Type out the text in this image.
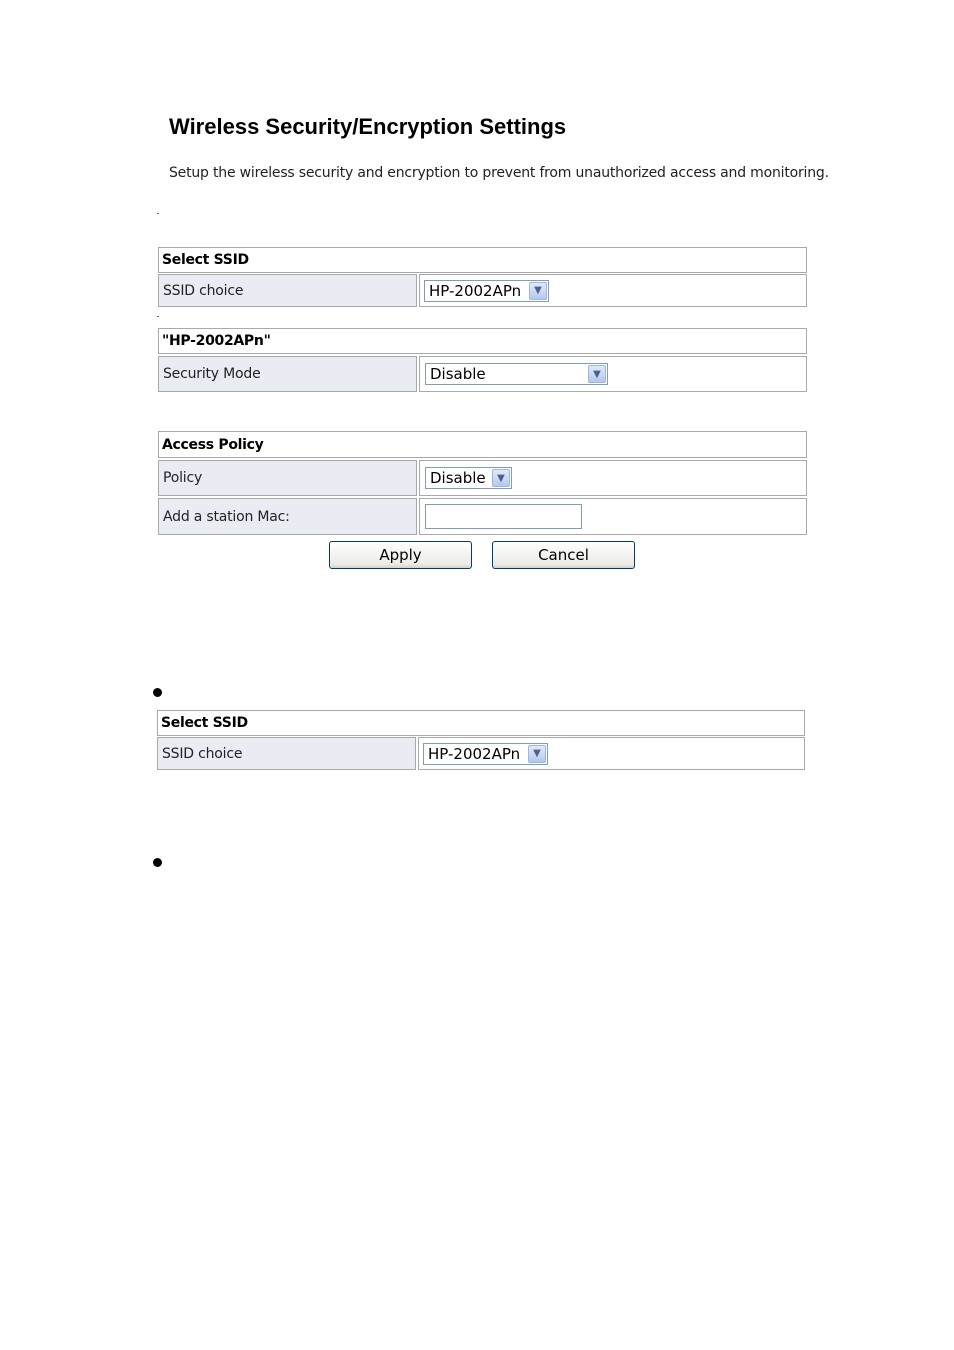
Wireless Security/Encryption Settings
Setup the wireless security and encryption to prevent from unauthorized access and monitoring.
Select SSID
SSID choice	HP-2002APn	▼
"HP-2002APn"
Security Mode	Disable	▼
Access Policy
Policy	Disable	▼
Add a station Mac:
Apply	Cancel
Select SSID
SSID choice	HP-2002APn	▼
